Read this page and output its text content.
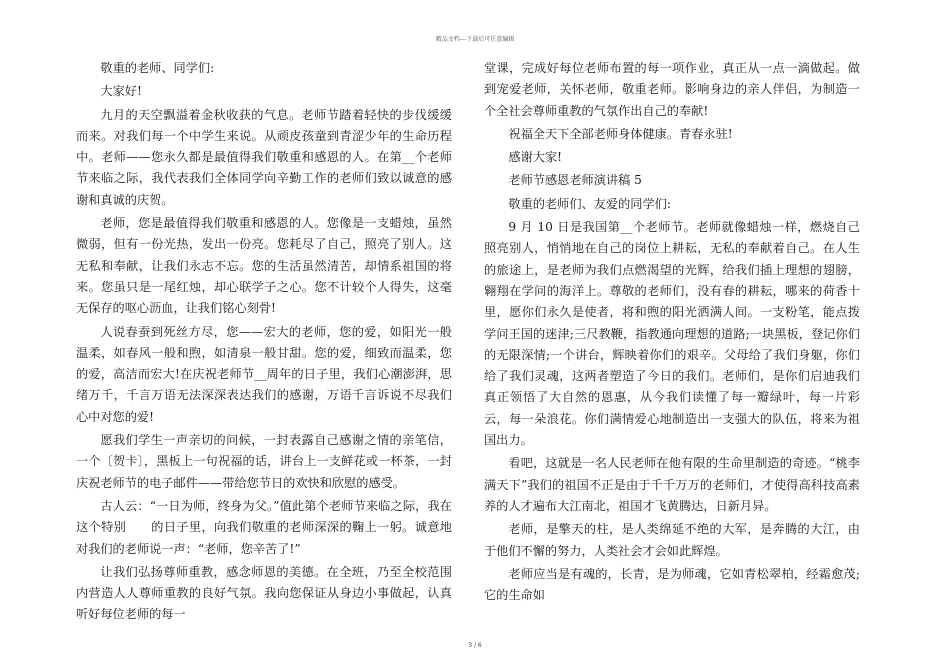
精品文档---下载后可任意编辑

敬重的老师、同学们:

大家好!

九月的天空飘溢着金秋收获的气息。老师节踏着轻快的步伐缓缓而来。对我们每一个中学生来说。从顽皮孩童到青涩少年的生命历程中。老师——您永久都是最值得我们敬重和感恩的人。在第__个老师节来临之际，我代表我们全体同学向辛勤工作的老师们致以诚意的感谢和真诚的庆贺。

老师，您是最值得我们敬重和感恩的人。您像是一支蜡烛，虽然微弱，但有一份光热，发出一份亮。您耗尽了自己，照亮了别人。这无私和奉献，让我们永志不忘。您的生活虽然清苦，却情系祖国的将来。您虽只是一尾红烛，却心联学子之心。您不计较个人得失，这毫无保存的呕心沥血，让我们铭心刻骨!

人说春蚕到死丝方尽，您——宏大的老师，您的爱，如阳光一般温柔，如春风一般和煦，如清泉一般甘甜。您的爱，细致而温柔，您的爱，高洁而宏大!在庆祝老师节__周年的日子里，我们心潮澎湃，思绪万千，千言万语无法深深表达我们的感谢，万语千言诉说不尽我们心中对您的爱!

愿我们学生一声亲切的问候，一封表露自己感谢之情的亲笔信，一个〔贺卡〕，黑板上一句祝福的话，讲台上一支鲜花或一杯茶，一封庆祝老师节的电子邮件——带给您节日的欢快和欣慰的感受。

古人云：“一日为师，终身为父。”值此第个老师节来临之际，我在这个特别　　的日子里，向我们敬重的老师深深的鞠上一躬。诚意地对我们的老师说一声：“老师，您辛苦了!”

让我们弘扬尊师重教，感念师恩的美德。在全班，乃至全校范围内营造人人尊师重教的良好气氛。我向您保证从身边小事做起，认真听好每位老师的每一

堂课，完成好每位老师布置的每一项作业，真正从一点一滴做起。做到宠爱老师，关怀老师，敬重老师。影响身边的亲人伴侣，为制造一个全社会尊师重教的气氛作出自己的奉献!

祝福全天下全部老师身体健康。青春永驻!

感谢大家!

老师节感恩老师演讲稿 5

敬重的老师们、友爱的同学们:

9 月 10 日是我国第__个老师节。老师就像蜡烛一样，燃烧自己照亮别人，悄悄地在自己的岗位上耕耘，无私的奉献着自己。在人生的旅途上，是老师为我们点燃渴望的光辉，给我们插上理想的翅膀，翱翔在学问的海洋上。尊敬的老师们，没有春的耕耘，哪来的荷香十里，愿你们永久是使者，将和煦的阳光洒满人间。一支粉笔，能点拨学问王国的迷津;三尺教鞭，指教通向理想的道路;一块黑板，登记你们的无限深情;一个讲台，辉映着你们的艰辛。父母给了我们身躯，你们给了我们灵魂，这两者塑造了今日的我们。老师们，是你们启迪我们真正领悟了大自然的恩惠，从今我们读懂了每一瓣绿叶，每一片彩云，每一朵浪花。你们满情爱心地制造出一支强大的队伍，将来为祖国出力。

看吧，这就是一名人民老师在他有限的生命里制造的奇迹。“桃李满天下”我们的祖国不正是由于千千万万的老师们，才使得高科技高素养的人才遍布大江南北，祖国才飞黄腾达，日新月异。

老师，是擎天的柱，是人类绵延不绝的大军，是奔腾的大江，由于他们不懈的努力，人类社会才会如此辉煌。

老师应当是有魂的，长青，是为师魂，它如青松翠柏，经霜愈茂;它的生命如

3 / 6
